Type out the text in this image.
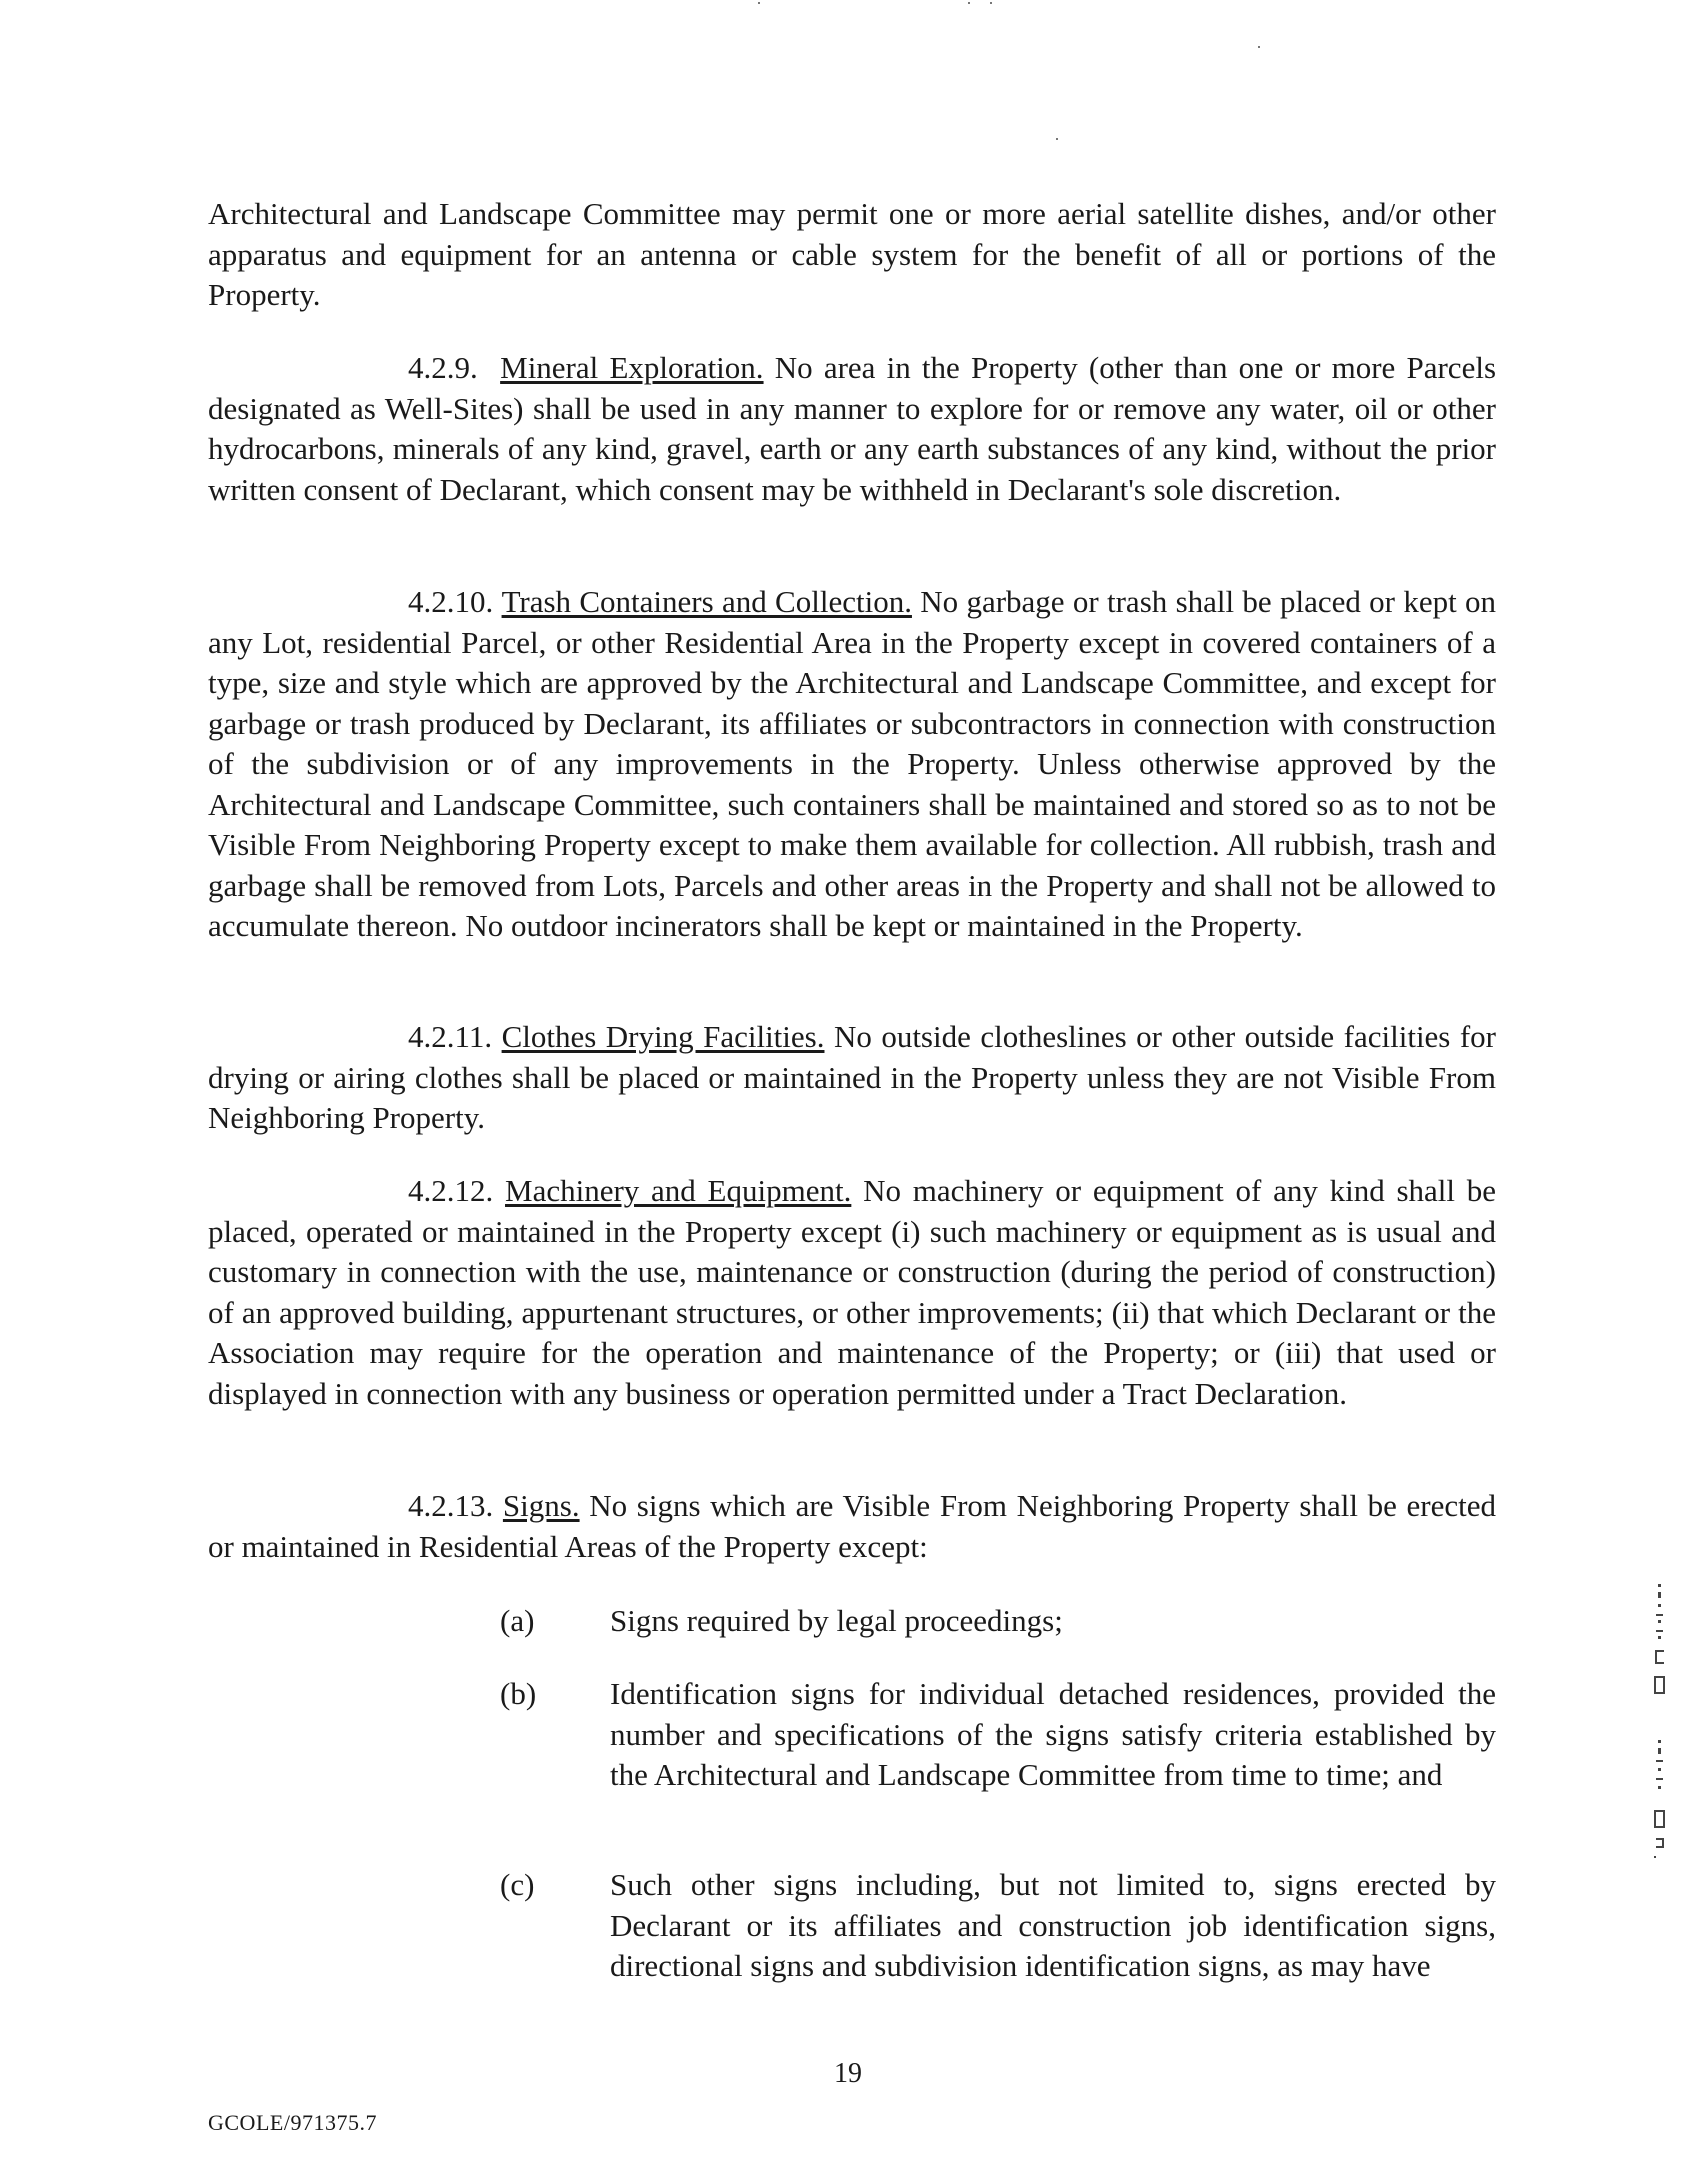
Architectural and Landscape Committee may permit one or more aerial satellite dishes, and/or other apparatus and equipment for an antenna or cable system for the benefit of all or portions of the Property.

4.2.9. Mineral Exploration. No area in the Property (other than one or more Parcels designated as Well-Sites) shall be used in any manner to explore for or remove any water, oil or other hydrocarbons, minerals of any kind, gravel, earth or any earth substances of any kind, without the prior written consent of Declarant, which consent may be withheld in Declarant's sole discretion.

4.2.10. Trash Containers and Collection. No garbage or trash shall be placed or kept on any Lot, residential Parcel, or other Residential Area in the Property except in covered containers of a type, size and style which are approved by the Architectural and Landscape Committee, and except for garbage or trash produced by Declarant, its affiliates or subcontractors in connection with construction of the subdivision or of any improvements in the Property. Unless otherwise approved by the Architectural and Landscape Committee, such containers shall be maintained and stored so as to not be Visible From Neighboring Property except to make them available for collection. All rubbish, trash and garbage shall be removed from Lots, Parcels and other areas in the Property and shall not be allowed to accumulate thereon. No outdoor incinerators shall be kept or maintained in the Property.

4.2.11. Clothes Drying Facilities. No outside clotheslines or other outside facilities for drying or airing clothes shall be placed or maintained in the Property unless they are not Visible From Neighboring Property.

4.2.12. Machinery and Equipment. No machinery or equipment of any kind shall be placed, operated or maintained in the Property except (i) such machinery or equipment as is usual and customary in connection with the use, maintenance or construction (during the period of construction) of an approved building, appurtenant structures, or other improvements; (ii) that which Declarant or the Association may require for the operation and maintenance of the Property; or (iii) that used or displayed in connection with any business or operation permitted under a Tract Declaration.

4.2.13. Signs. No signs which are Visible From Neighboring Property shall be erected or maintained in Residential Areas of the Property except:

(a)	Signs required by legal proceedings;

(b)	Identification signs for individual detached residences, provided the number and specifications of the signs satisfy criteria established by the Architectural and Landscape Committee from time to time; and

(c)	Such other signs including, but not limited to, signs erected by Declarant or its affiliates and construction job identification signs, directional signs and subdivision identification signs, as may have

19
GCOLE/971375.7
